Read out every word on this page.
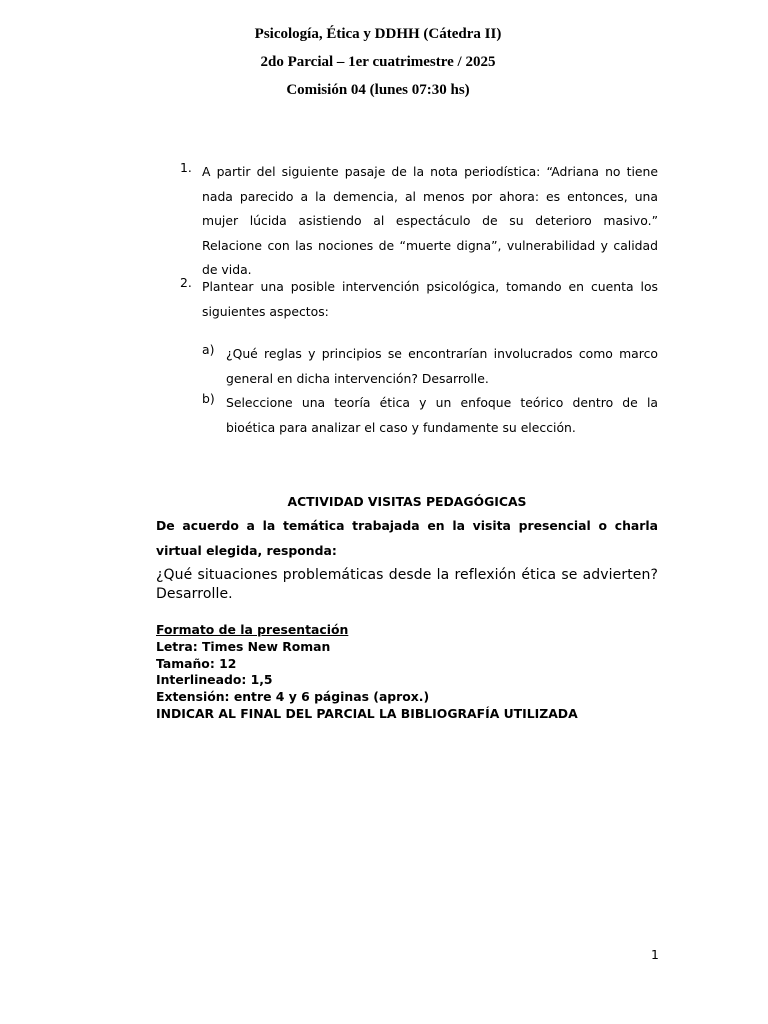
Psicología, Ética y DDHH (Cátedra II)
2do Parcial – 1er cuatrimestre / 2025
Comisión 04 (lunes 07:30 hs)
1. A partir del siguiente pasaje de la nota periodística: “Adriana no tiene nada parecido a la demencia, al menos por ahora: es entonces, una mujer lúcida asistiendo al espectáculo de su deterioro masivo.” Relacione con las nociones de “muerte digna”, vulnerabilidad y calidad de vida.
2. Plantear una posible intervención psicológica, tomando en cuenta los siguientes aspectos:
a) ¿Qué reglas y principios se encontrarían involucrados como marco general en dicha intervención? Desarrolle.
b) Seleccione una teoría ética y un enfoque teórico dentro de la bioética para analizar el caso y fundamente su elección.
ACTIVIDAD VISITAS PEDAGÓGICAS
De acuerdo a la temática trabajada en la visita presencial o charla virtual elegida, responda:
¿Qué situaciones problemáticas desde la reflexión ética se advierten? Desarrolle.
Formato de la presentación
Letra: Times New Roman
Tamaño: 12
Interlineado: 1,5
Extensión: entre 4 y 6 páginas (aprox.)
INDICAR AL FINAL DEL PARCIAL LA BIBLIOGRAFÍA UTILIZADA
1
